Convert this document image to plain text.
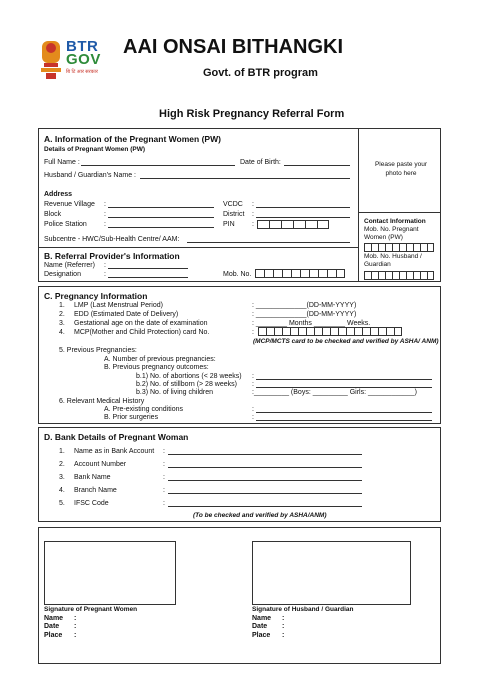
BTR
GOV
बि टि आर सरकार
AAI ONSAI BITHANGKI
Govt. of BTR program
High Risk Pregnancy Referral Form
A. Information of the Pregnant Women (PW)
Details of Pregnant Women (PW)
Full Name :	Date of Birth:
Husband / Guardian's Name :
Address
Revenue Village :	VCDC :
Block	:	District :
Police Station :	PIN :
Subcentre - HWC/Sub-Health Centre/ AAM:
Please paste your photo here
Contact Information
Mob. No. Pregnant Women (PW)
Mob. No. Husband / Guardian
B. Referral Provider's Information
Name (Referrer) :
Designation	:	Mob. No.
C. Pregnancy Information
1. LMP (Last Menstrual Period)	: _____________(DD-MM-YYYY)
2. EDD (Estimated Date of Delivery)	: _____________(DD-MM-YYYY)
3. Gestational age on the date of examination	: ________ Months ________ Weeks.
4. MCP(Mother and Child Protection) card No.	:
(MCP/MCTS card to be checked and verified by ASHA/ ANM)
5. Previous Pregnancies:
A. Number of previous pregnancies:
B. Previous pregnancy outcomes:
b.1) No. of abortions (< 28 weeks) :
b.2) No. of stillborn (> 28 weeks) :
b.3) No. of living children	:_________ (Boys: _________ Girls: ____________)
6. Relevant Medical History
A. Pre-existing conditions	:
B. Prior surgeries	:
D. Bank Details of Pregnant Woman
1. Name as in Bank Account :
2. Account Number	:
3. Bank Name	:
4. Branch Name	:
5. IFSC Code	:
(To be checked and verified by ASHA/ANM)
Signature of Pregnant Women
Name :
Date :
Place :
Signature of Husband / Guardian
Name :
Date :
Place :
